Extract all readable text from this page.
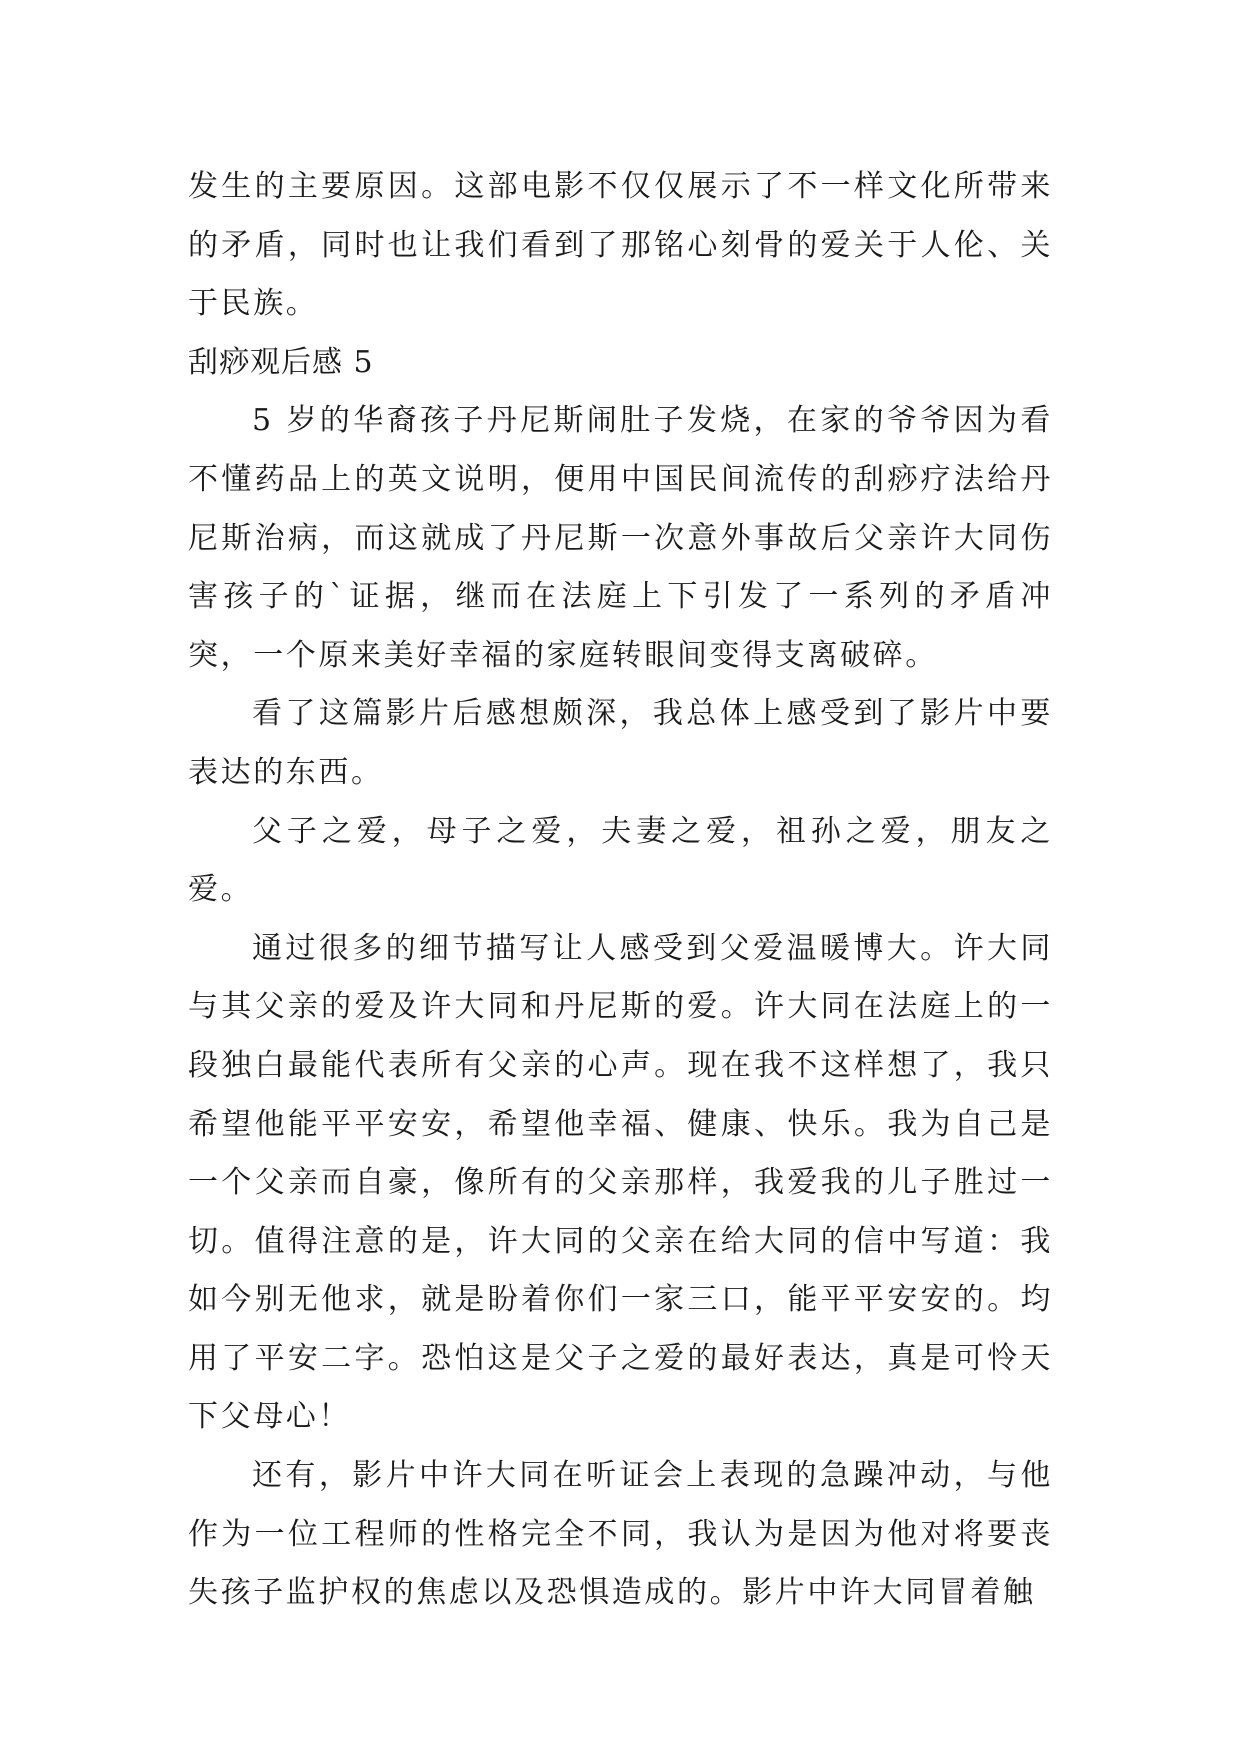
发生的主要原因。这部电影不仅仅展示了不一样文化所带来的矛盾，同时也让我们看到了那铭心刻骨的爱关于人伦、关于民族。

刮痧观后感 5

5 岁的华裔孩子丹尼斯闹肚子发烧，在家的爷爷因为看不懂药品上的英文说明，便用中国民间流传的刮痧疗法给丹尼斯治病，而这就成了丹尼斯一次意外事故后父亲许大同伤害孩子的`证据，继而在法庭上下引发了一系列的矛盾冲突，一个原来美好幸福的家庭转眼间变得支离破碎。

看了这篇影片后感想颇深，我总体上感受到了影片中要表达的东西。

父子之爱，母子之爱，夫妻之爱，祖孙之爱，朋友之爱。

通过很多的细节描写让人感受到父爱温暖博大。许大同与其父亲的爱及许大同和丹尼斯的爱。许大同在法庭上的一段独白最能代表所有父亲的心声。现在我不这样想了，我只希望他能平平安安，希望他幸福、健康、快乐。我为自己是一个父亲而自豪，像所有的父亲那样，我爱我的儿子胜过一切。值得注意的是，许大同的父亲在给大同的信中写道：我如今别无他求，就是盼着你们一家三口，能平平安安的。均用了平安二字。恐怕这是父子之爱的最好表达，真是可怜天下父母心！

还有，影片中许大同在听证会上表现的急躁冲动，与他作为一位工程师的性格完全不同，我认为是因为他对将要丧失孩子监护权的焦虑以及恐惧造成的。影片中许大同冒着触
